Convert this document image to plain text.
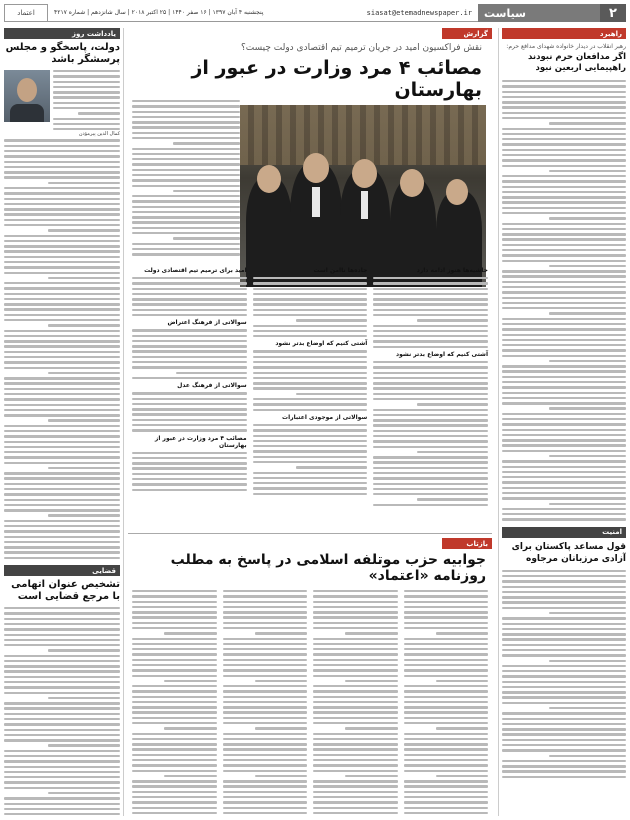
۲
سیاست
siasat@etemadnewspaper.ir
پنجشنبه ۴ آبان ۱۳۹۷ | ۱۶ صفر ۱۴۴۰ | ۲۵ اکتبر ۲۰۱۸ | سال شانزدهم | شماره ۴۲۱۷
اعتماد
راهبرد
رهبر انقلاب در دیدار خانواده شهدای مدافع حرم:
اگر مدافعان حرم نبودند راهپیمایی اربعین نبود
امنیت
قول مساعد پاکستان برای آزادی مرزبانان مرجاوه
گزارش
نقش فراکسیون امید در جریان ترمیم تیم اقتصادی دولت چیست؟
مصائب ۴ مرد وزارت در عبور از بهارستان
حاشیه‌ها هنوز ادامه دارد
آشتی کنیم که اوضاع بدتر نشود
جاده‌ها ناامن است
آشتی کنیم که اوضاع بدتر نشود
سوالاتی از موجودی اعتبارات
امید برای ترمیم تیم اقتصادی دولت
سوالاتی از فرهنگ اعتراض
سوالاتی از فرهنگ عدل
مصائب ۴ مرد وزارت در عبور از بهارستان
یادداشت روز
دولت، پاسخگو و مجلس پرسشگر باشد
کمال الدین پیرمؤذن
قضایی
تشخیص عنوان اتهامی با مرجع قضایی است
بازتاب
جوابیه حزب موتلفه اسلامی در پاسخ به مطلب روزنامه «اعتماد»
